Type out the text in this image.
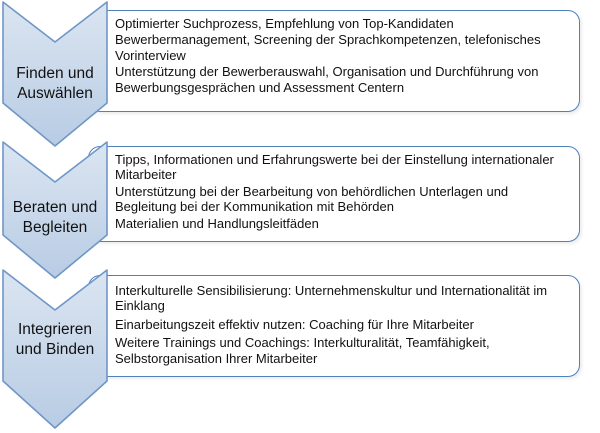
Optimierter Suchprozess, Empfehlung von Top-Kandidaten
Bewerbermanagement, Screening der Sprachkompetenzen, telefonisches Vorinterview
Unterstützung der Bewerberauswahl, Organisation und Durchführung von Bewerbungsgesprächen und Assessment Centern
Finden und
Auswählen
Tipps, Informationen und Erfahrungswerte bei der Einstellung internationaler Mitarbeiter
Unterstützung bei der Bearbeitung von behördlichen Unterlagen und Begleitung bei der Kommunikation mit Behörden
Materialien und Handlungsleitfäden
Beraten und
Begleiten
Interkulturelle Sensibilisierung: Unternehmenskultur und Internationalität im Einklang
Einarbeitungszeit effektiv nutzen: Coaching für Ihre Mitarbeiter
Weitere Trainings und Coachings: Interkulturalität, Teamfähigkeit, Selbstorganisation Ihrer Mitarbeiter
Integrieren
und Binden
